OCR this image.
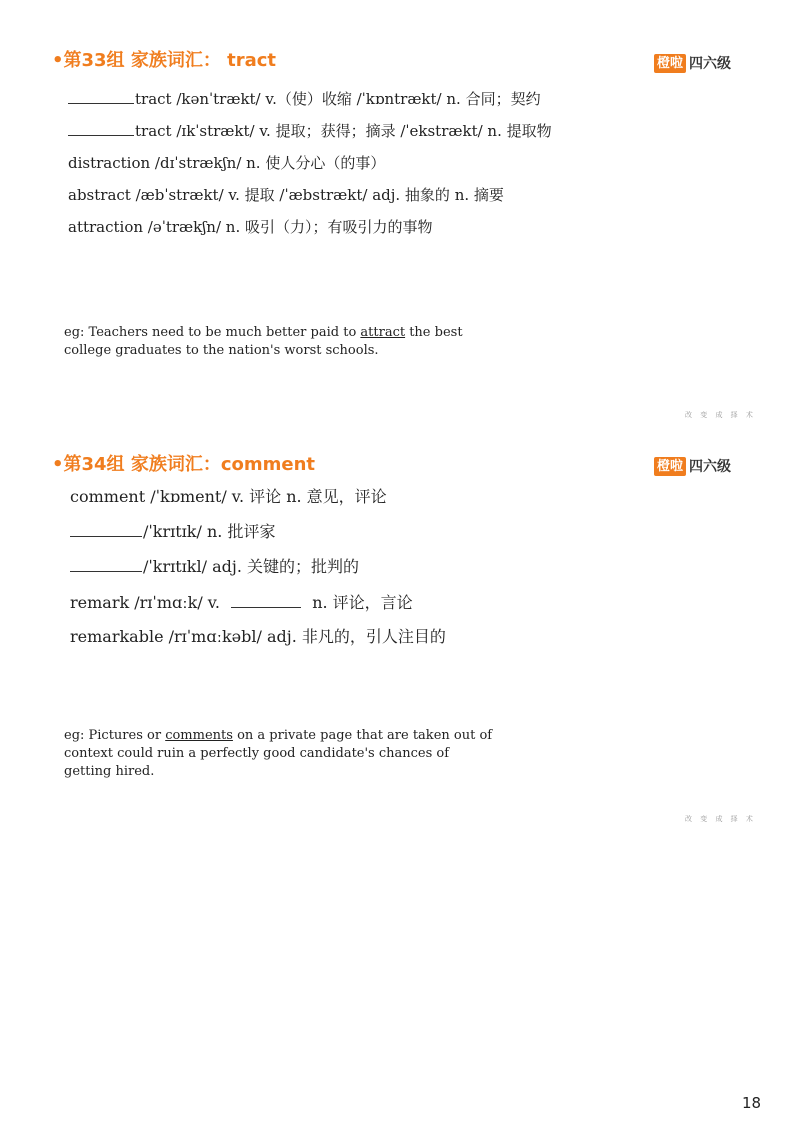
•第33组 家族词汇： tract	橙啦 四六级
tract /kənˈtrækt/ v.（使）收缩 /ˈkɒntrækt/ n. 合同；契约
tract /ɪkˈstrækt/ v. 提取；获得；摘录 /ˈekstrækt/ n. 提取物
distraction /dɪˈstrækʃn/ n. 使人分心（的事）
abstract /æbˈstrækt/ v. 提取 /ˈæbstrækt/ adj. 抽象的 n. 摘要
attraction /əˈtrækʃn/ n. 吸引（力）；有吸引力的事物
eg: Teachers need to be much better paid to attract the best
college graduates to the nation's worst schools.
改 变 成 择 术
•第34组 家族词汇：comment	橙啦 四六级
comment /ˈkɒment/ v. 评论 n. 意见，评论
/ˈkrɪtɪk/ n. 批评家
/ˈkrɪtɪkl/ adj. 关键的；批判的
remark /rɪˈmɑːk/ v.	n. 评论，言论
remarkable /rɪˈmɑːkəbl/ adj. 非凡的，引人注目的
eg: Pictures or comments on a private page that are taken out of
context could ruin a perfectly good candidate's chances of
getting hired.
改 变 成 择 术
18
